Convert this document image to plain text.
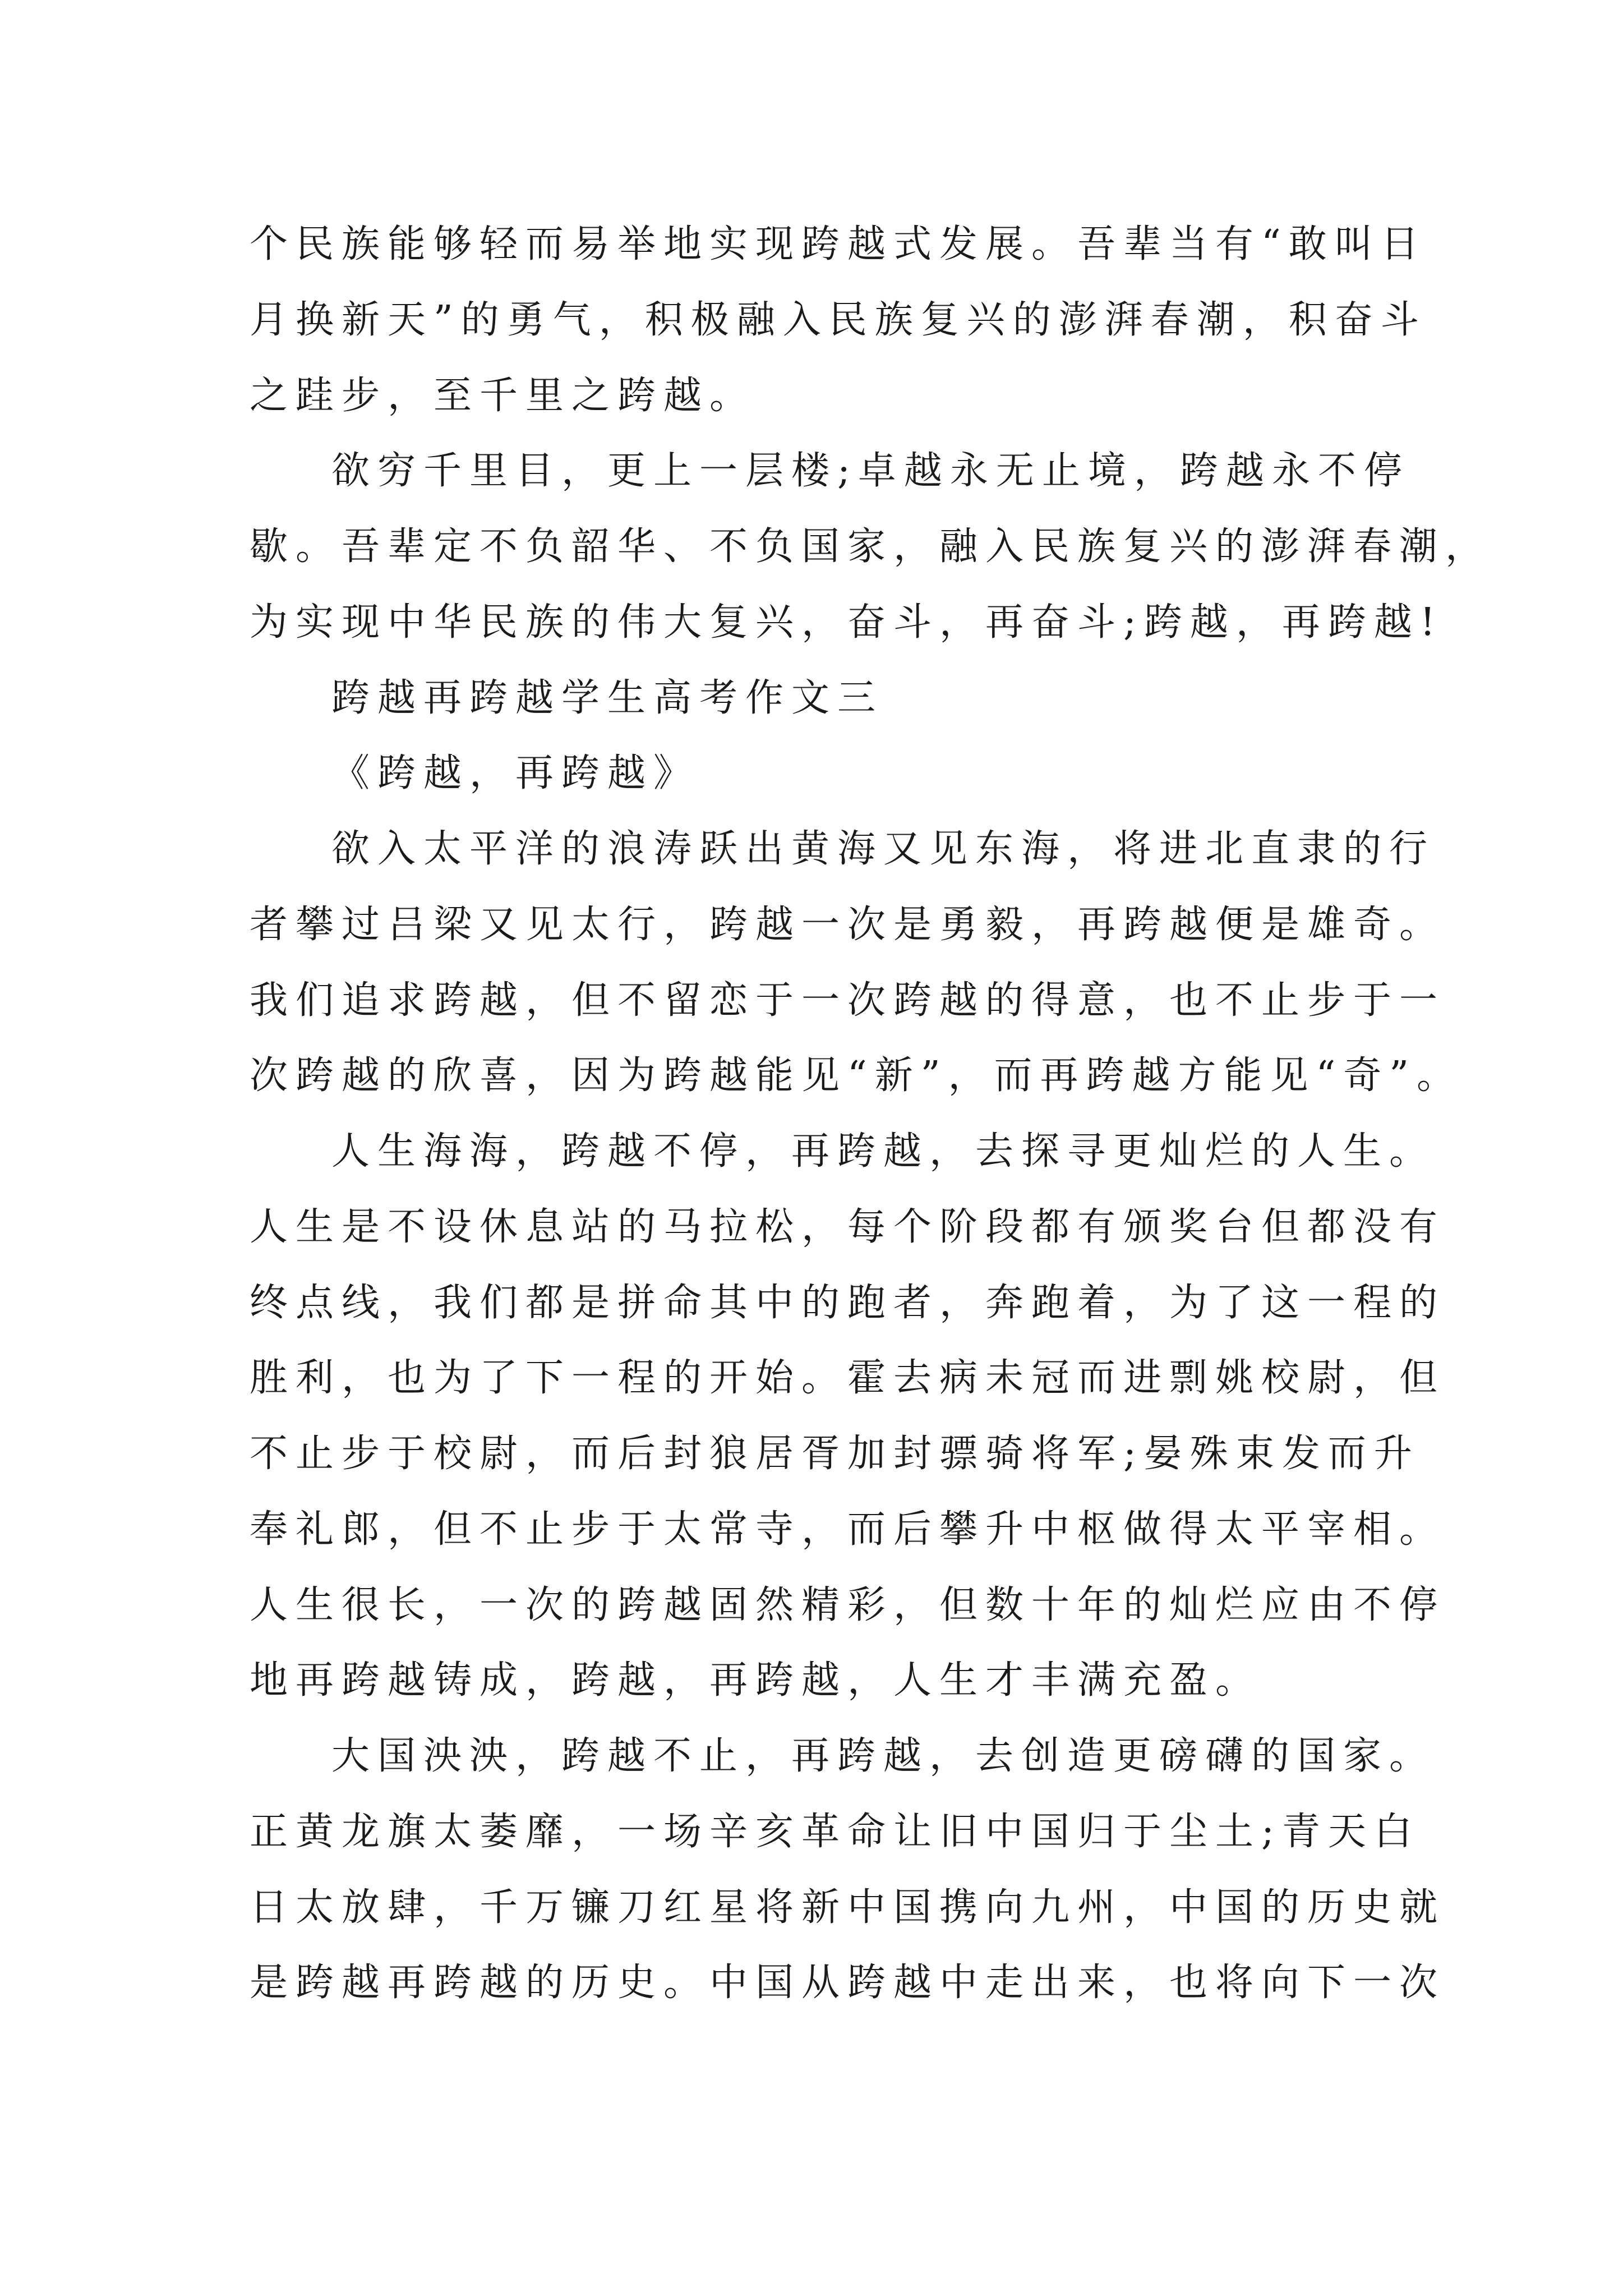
个民族能够轻而易举地实现跨越式发展。吾辈当有“敢叫日
月换新天”的勇气，积极融入民族复兴的澎湃春潮，积奋斗
之跬步，至千里之跨越。
欲穷千里目，更上一层楼;卓越永无止境，跨越永不停
歇。吾辈定不负韶华、不负国家，融入民族复兴的澎湃春潮，
为实现中华民族的伟大复兴，奋斗，再奋斗;跨越，再跨越!
跨越再跨越学生高考作文三
《跨越，再跨越》
欲入太平洋的浪涛跃出黄海又见东海，将进北直隶的行
者攀过吕梁又见太行，跨越一次是勇毅，再跨越便是雄奇。
我们追求跨越，但不留恋于一次跨越的得意，也不止步于一
次跨越的欣喜，因为跨越能见“新”，而再跨越方能见“奇”。
人生海海，跨越不停，再跨越，去探寻更灿烂的人生。
人生是不设休息站的马拉松，每个阶段都有颁奖台但都没有
终点线，我们都是拼命其中的跑者，奔跑着，为了这一程的
胜利，也为了下一程的开始。霍去病未冠而进剽姚校尉，但
不止步于校尉，而后封狼居胥加封骠骑将军;晏殊束发而升
奉礼郎，但不止步于太常寺，而后攀升中枢做得太平宰相。
人生很长，一次的跨越固然精彩，但数十年的灿烂应由不停
地再跨越铸成，跨越，再跨越，人生才丰满充盈。
大国泱泱，跨越不止，再跨越，去创造更磅礴的国家。
正黄龙旗太萎靡，一场辛亥革命让旧中国归于尘土;青天白
日太放肆，千万镰刀红星将新中国携向九州，中国的历史就
是跨越再跨越的历史。中国从跨越中走出来，也将向下一次
